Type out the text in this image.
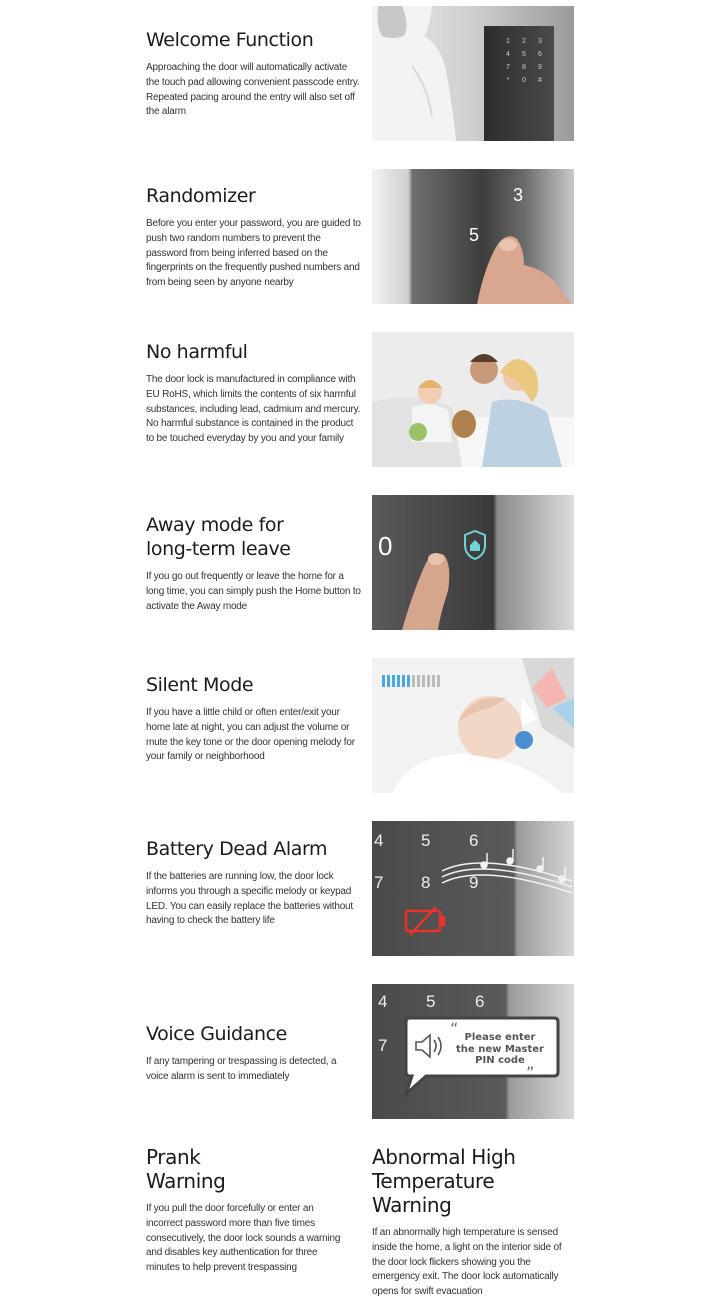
Welcome Function

Approaching the door will automatically activate the touch pad allowing convenient passcode entry. Repeated pacing around the entry will also set off the alarm

1	2	3
4	5	6
7	8	9
*	0	#
Randomizer

Before you enter your password, you are guided to push two random numbers to prevent the password from being inferred based on the fingerprints on the frequently pushed numbers and from being seen by anyone nearby

3
5
No harmful

The door lock is manufactured in compliance with EU RoHS, which limits the contents of six harmful substances, including lead, cadmium and mercury. No harmful substance is contained in the product to be touched everyday by you and your family

Away mode for
long-term leave

If you go out frequently or leave the home for a long time, you can simply push the Home button to activate the Away mode

0
Silent Mode

If you have a little child or often enter/exit your home late at night, you can adjust the volume or mute the key tone or the door opening melody for your family or neighborhood

Battery Dead Alarm

If the batteries are running low, the door lock informs you through a specific melody or keypad LED. You can easily replace the batteries without having to check the battery life

4 5 6
7 8 9
Voice Guidance

If any tampering or trespassing is detected, a voice alarm is sent to immediately

“
”
4 5 6
7	Please enter
the new Master
PIN code
Prank
Warning

If you pull the door forcefully or enter an incorrect password more than five times consecutively, the door lock sounds a warning and disables key authentication for three minutes to help prevent trespassing

Abnormal High
Temperature Warning

If an abnormally high temperature is sensed inside the home, a light on the interior side of the door lock flickers showing you the emergency exit. The door lock automatically opens for swift evacuation
